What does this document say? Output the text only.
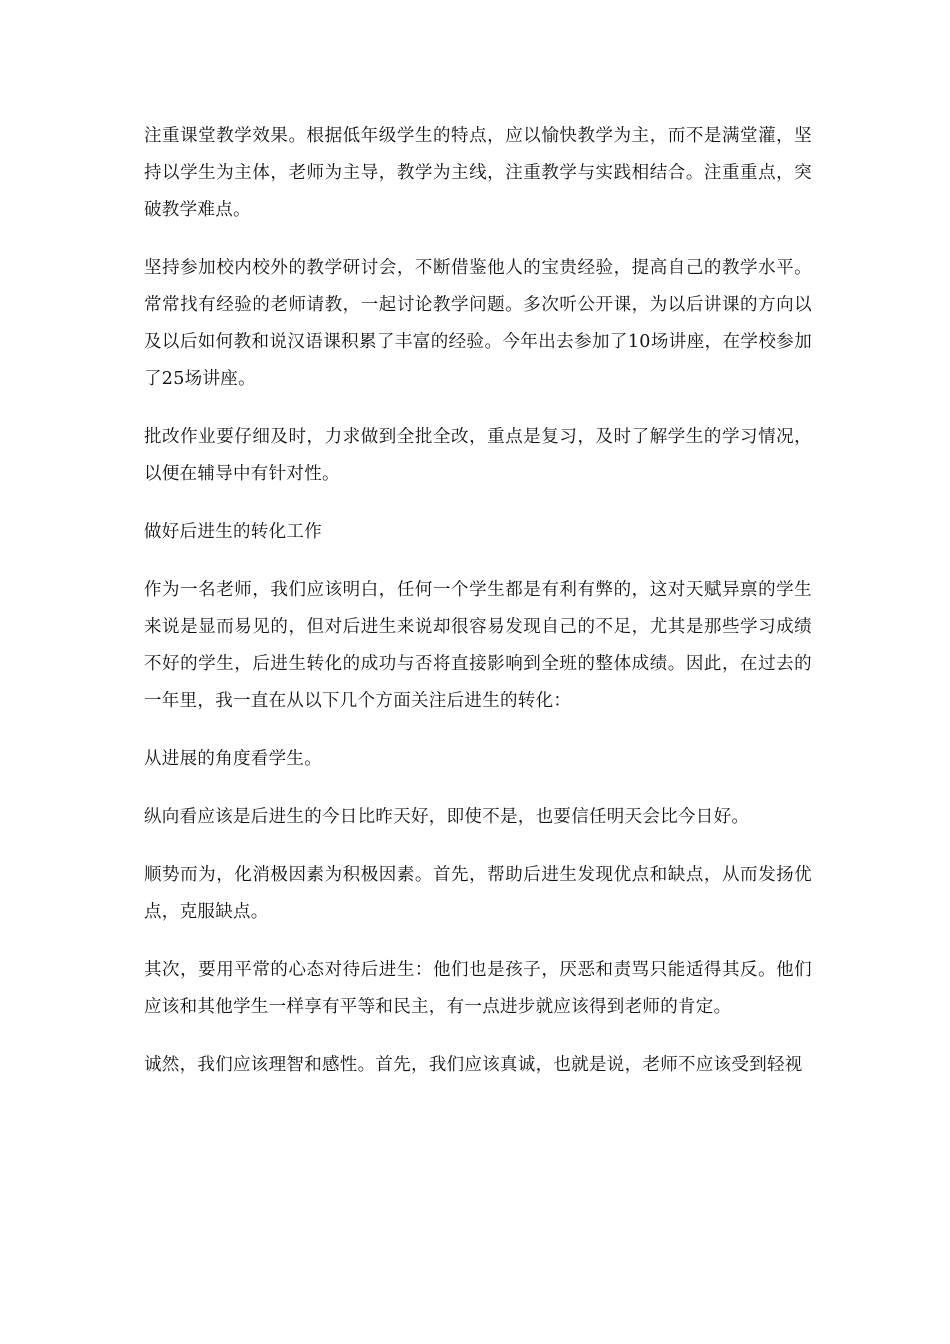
注重课堂教学效果。根据低年级学生的特点，应以愉快教学为主，而不是满堂灌，坚持以学生为主体，老师为主导，教学为主线，注重教学与实践相结合。注重重点，突破教学难点。

坚持参加校内校外的教学研讨会，不断借鉴他人的宝贵经验，提高自己的教学水平。常常找有经验的老师请教，一起讨论教学问题。多次听公开课，为以后讲课的方向以及以后如何教和说汉语课积累了丰富的经验。今年出去参加了10场讲座，在学校参加了25场讲座。

批改作业要仔细及时，力求做到全批全改，重点是复习，及时了解学生的学习情况，以便在辅导中有针对性。

做好后进生的转化工作

作为一名老师，我们应该明白，任何一个学生都是有利有弊的，这对天赋异禀的学生来说是显而易见的，但对后进生来说却很容易发现自己的不足，尤其是那些学习成绩不好的学生，后进生转化的成功与否将直接影响到全班的整体成绩。因此，在过去的一年里，我一直在从以下几个方面关注后进生的转化：

从进展的角度看学生。

纵向看应该是后进生的今日比昨天好，即使不是，也要信任明天会比今日好。

顺势而为，化消极因素为积极因素。首先，帮助后进生发现优点和缺点，从而发扬优点，克服缺点。

其次，要用平常的心态对待后进生：他们也是孩子，厌恶和责骂只能适得其反。他们应该和其他学生一样享有平等和民主，有一点进步就应该得到老师的肯定。

诚然，我们应该理智和感性。首先，我们应该真诚，也就是说，老师不应该受到轻视
